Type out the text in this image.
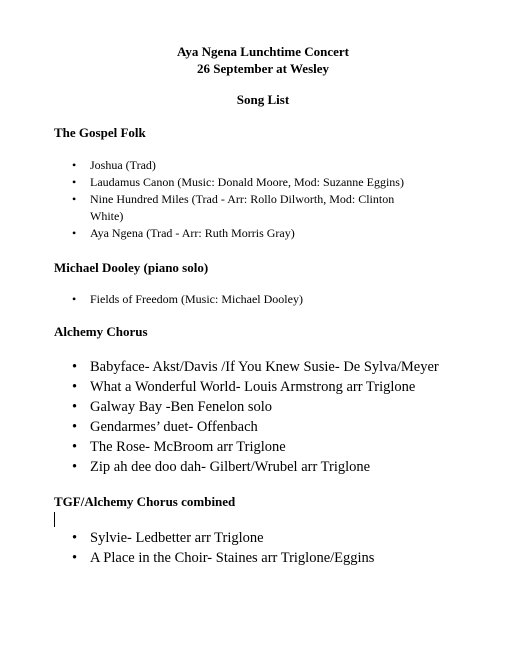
Aya Ngena Lunchtime Concert
26 September at Wesley
Song List
The Gospel Folk
• Joshua (Trad)
• Laudamus Canon (Music: Donald Moore, Mod: Suzanne Eggins)
• Nine Hundred Miles (Trad - Arr: Rollo Dilworth, Mod: Clinton White)
• Aya Ngena (Trad - Arr: Ruth Morris Gray)
Michael Dooley (piano solo)
• Fields of Freedom (Music: Michael Dooley)
Alchemy Chorus
• Babyface- Akst/Davis /If You Knew Susie- De Sylva/Meyer
• What a Wonderful World- Louis Armstrong arr Triglone
• Galway Bay -Ben Fenelon solo
• Gendarmes’ duet- Offenbach
• The Rose- McBroom arr Triglone
• Zip ah dee doo dah- Gilbert/Wrubel arr Triglone
TGF/Alchemy Chorus combined
• Sylvie- Ledbetter arr Triglone
• A Place in the Choir- Staines arr Triglone/Eggins
